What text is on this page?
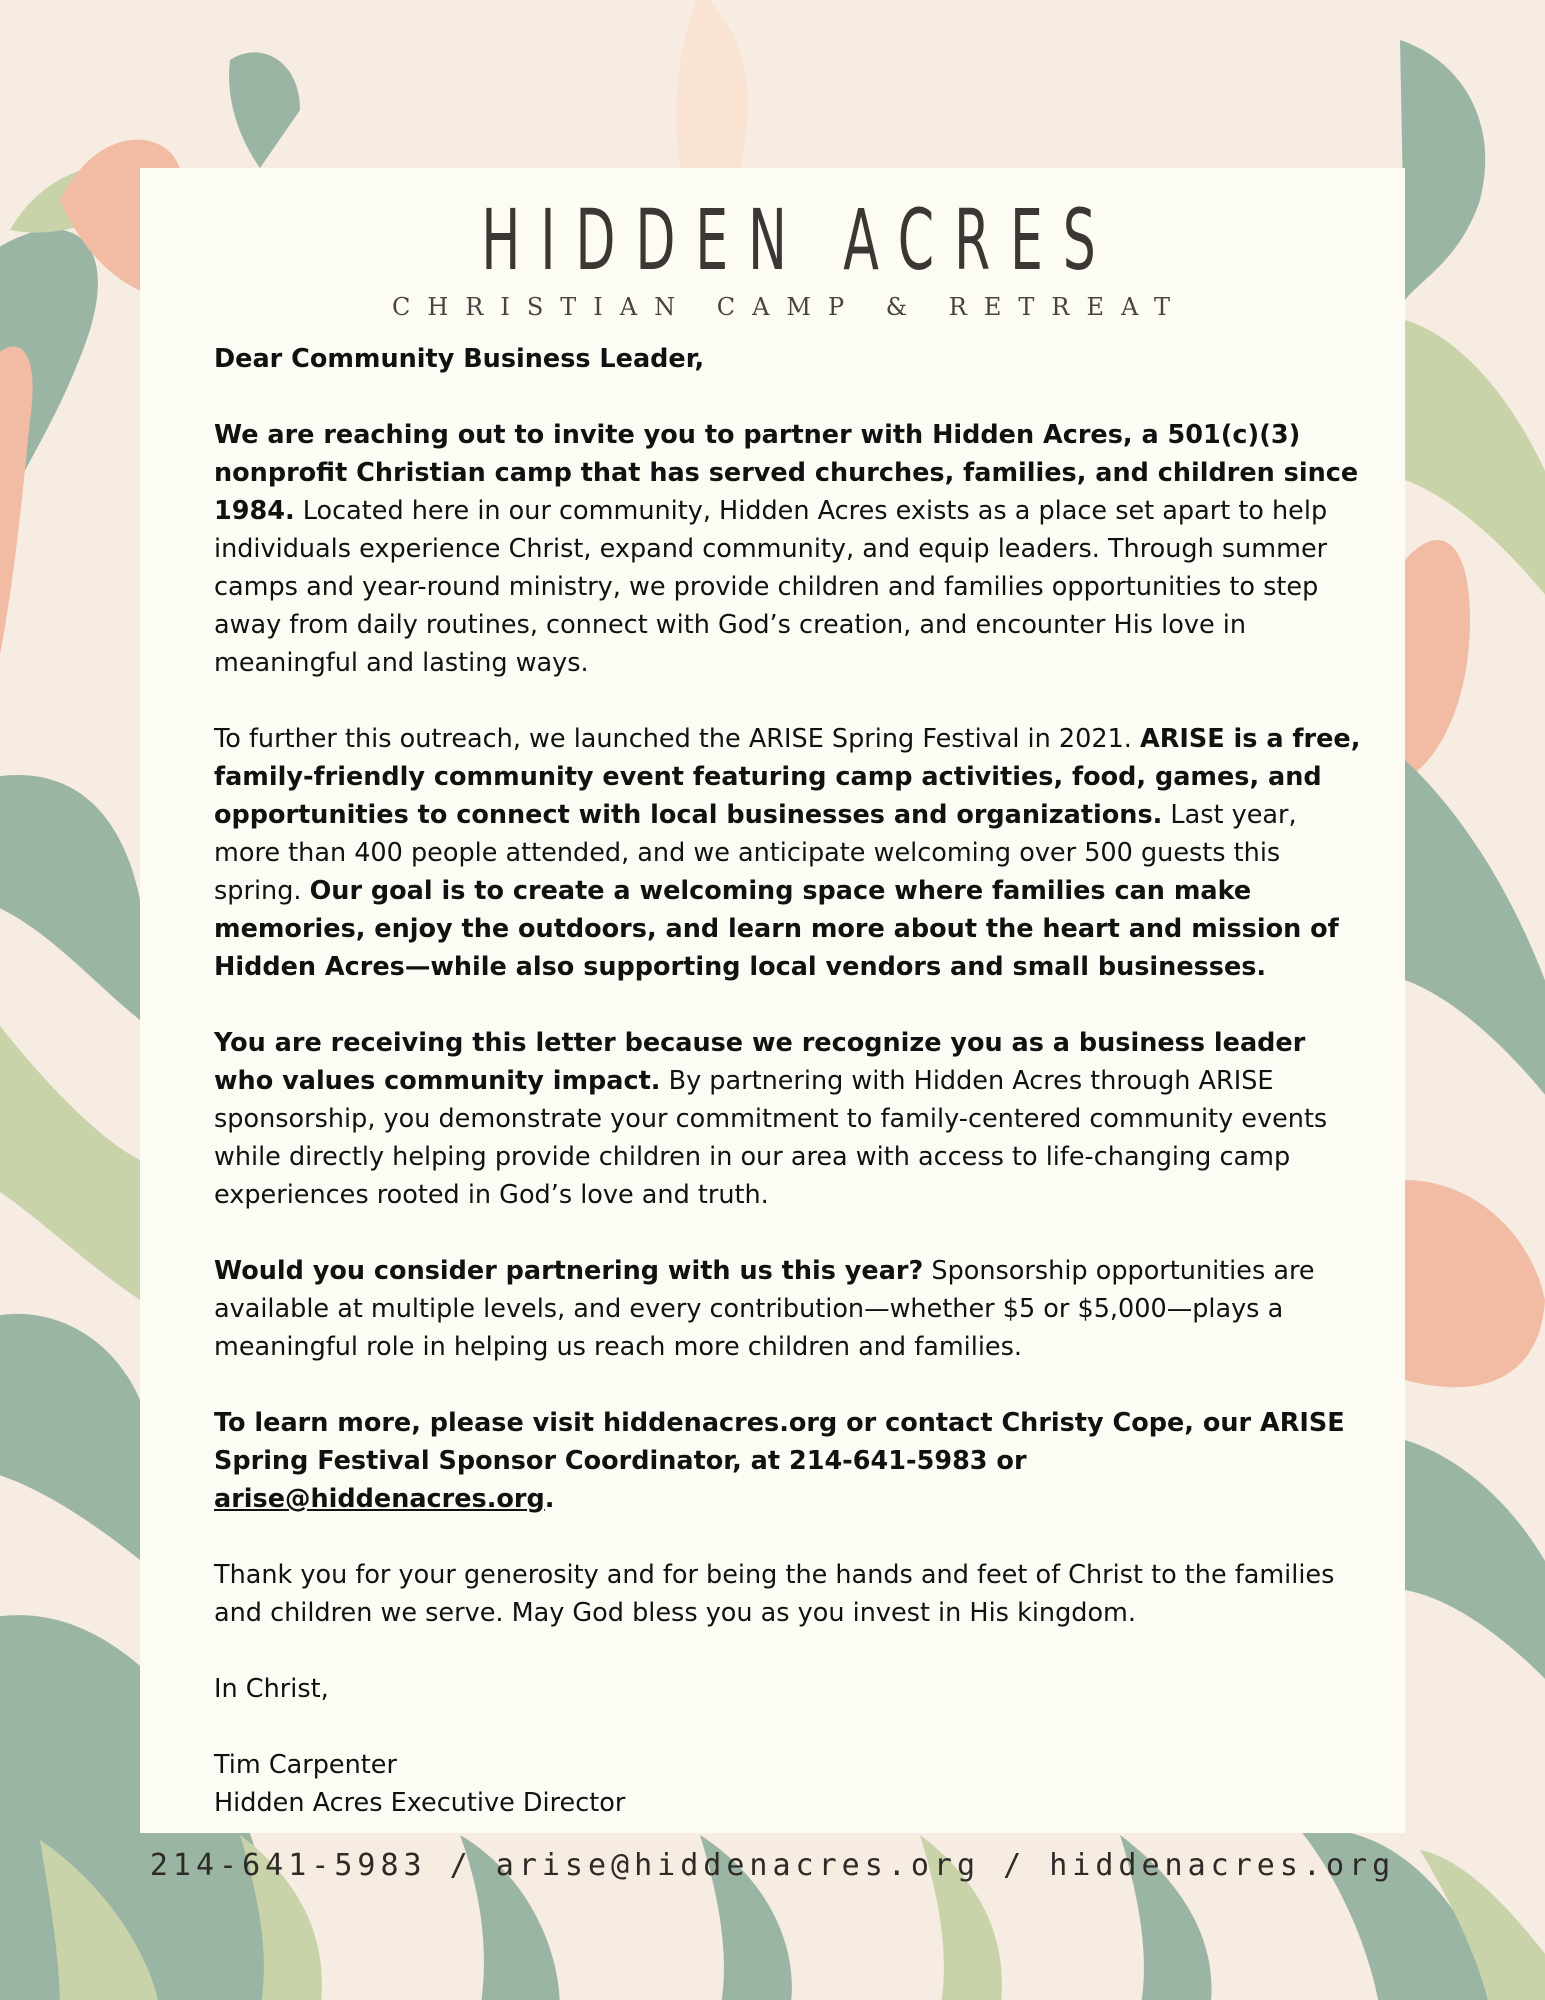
HIDDEN ACRES
CHRISTIAN CAMP & RETREAT

Dear Community Business Leader,

We are reaching out to invite you to partner with Hidden Acres, a 501(c)(3) nonprofit Christian camp that has served churches, families, and children since 1984. Located here in our community, Hidden Acres exists as a place set apart to help individuals experience Christ, expand community, and equip leaders. Through summer camps and year-round ministry, we provide children and families opportunities to step away from daily routines, connect with God’s creation, and encounter His love in meaningful and lasting ways.

To further this outreach, we launched the ARISE Spring Festival in 2021. ARISE is a free, family-friendly community event featuring camp activities, food, games, and opportunities to connect with local businesses and organizations. Last year, more than 400 people attended, and we anticipate welcoming over 500 guests this spring. Our goal is to create a welcoming space where families can make memories, enjoy the outdoors, and learn more about the heart and mission of Hidden Acres—while also supporting local vendors and small businesses.

You are receiving this letter because we recognize you as a business leader who values community impact. By partnering with Hidden Acres through ARISE sponsorship, you demonstrate your commitment to family-centered community events while directly helping provide children in our area with access to life-changing camp experiences rooted in God’s love and truth.

Would you consider partnering with us this year? Sponsorship opportunities are available at multiple levels, and every contribution—whether $5 or $5,000—plays a meaningful role in helping us reach more children and families.

To learn more, please visit hiddenacres.org or contact Christy Cope, our ARISE Spring Festival Sponsor Coordinator, at 214-641-5983 or arise@hiddenacres.org.

Thank you for your generosity and for being the hands and feet of Christ to the families and children we serve. May God bless you as you invest in His kingdom.

In Christ,

Tim Carpenter

Hidden Acres Executive Director

214-641-5983 / arise@hiddenacres.org / hiddenacres.org
